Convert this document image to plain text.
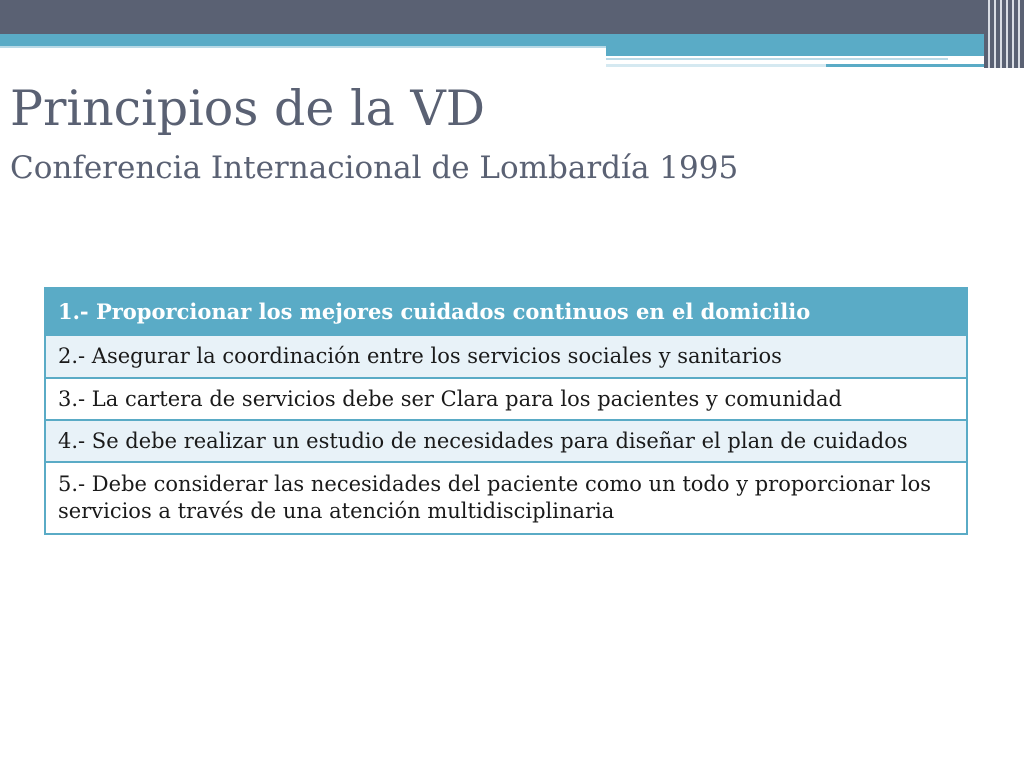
Principios de la VD
Conferencia Internacional de Lombardía 1995
1.- Proporcionar los mejores cuidados continuos en el domicilio
2.- Asegurar la coordinación entre los servicios sociales y sanitarios
3.- La cartera de servicios debe ser Clara para los pacientes y comunidad
4.- Se debe realizar un estudio de necesidades para diseñar el plan de cuidados
5.- Debe considerar las necesidades del paciente como un todo y proporcionar los servicios a través de una atención multidisciplinaria
